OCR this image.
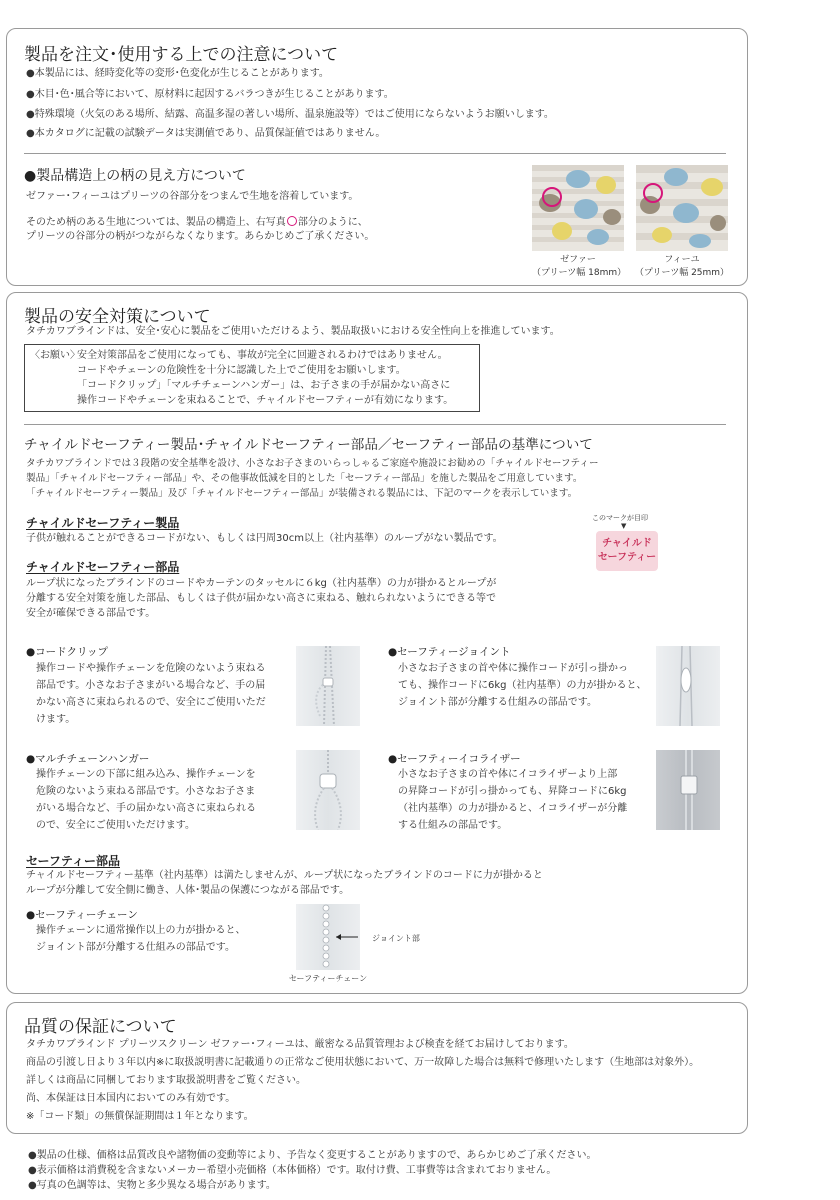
製品を注文･使用する上での注意について
●本製品には、経時変化等の変形･色変化が生じることがあります。
●木目･色･風合等において、原材料に起因するバラつきが生じることがあります。
●特殊環境（火気のある場所、結露、高温多湿の著しい場所、温泉施設等）ではご使用にならないようお願いします。
●本カタログに記載の試験データは実測値であり、品質保証値ではありません。
●製品構造上の柄の見え方について
ゼファー･フィーユはプリーツの谷部分をつまんで生地を溶着しています。
そのため柄のある生地については、製品の構造上、右写真 部分のように、
プリーツの谷部分の柄がつながらなくなります。あらかじめご了承ください。
ゼファー
（プリーツ幅 18mm）
フィーユ
（プリーツ幅 25mm）
製品の安全対策について
タチカワブラインドは、安全･安心に製品をご使用いただけるよう、製品取扱いにおける安全性向上を推進しています。
〈お願い〉
安全対策部品をご使用になっても、事故が完全に回避されるわけではありません。
コードやチェーンの危険性を十分に認識した上でご使用をお願いします。
「コードクリップ」「マルチチェーンハンガー」は、お子さまの手が届かない高さに
操作コードやチェーンを束ねることで、チャイルドセーフティーが有効になります。
チャイルドセーフティー製品･チャイルドセーフティー部品／セーフティー部品の基準について
タチカワブラインドでは３段階の安全基準を設け、小さなお子さまのいらっしゃるご家庭や施設にお勧めの「チャイルドセーフティー
製品」「チャイルドセーフティー部品」や、その他事故低減を目的とした「セーフティー部品」を施した製品をご用意しています。
「チャイルドセーフティー製品」及び「チャイルドセーフティー部品」が装備される製品には、下記のマークを表示しています。
チャイルドセーフティー製品
子供が触れることができるコードがない、もしくは円周30cm以上（社内基準）のループがない製品です。
このマークが目印
▼
チャイルド
セーフティー
チャイルドセーフティー部品
ループ状になったブラインドのコードやカーテンのタッセルに６kg（社内基準）の力が掛かるとループが
分離する安全対策を施した部品、もしくは子供が届かない高さに束ねる、触れられないようにできる等で
安全が確保できる部品です。
●コードクリップ
操作コードや操作チェーンを危険のないよう束ねる
部品です。小さなお子さまがいる場合など、手の届
かない高さに束ねられるので、安全にご使用いただ
けます。
●セーフティージョイント
小さなお子さまの首や体に操作コードが引っ掛かっ
ても、操作コードに6kg（社内基準）の力が掛かると、
ジョイント部が分離する仕組みの部品です。
●マルチチェーンハンガー
操作チェーンの下部に組み込み、操作チェーンを
危険のないよう束ねる部品です。小さなお子さま
がいる場合など、手の届かない高さに束ねられる
ので、安全にご使用いただけます。
●セーフティーイコライザー
小さなお子さまの首や体にイコライザーより上部
の昇降コードが引っ掛かっても、昇降コードに6kg
（社内基準）の力が掛かると、イコライザーが分離
する仕組みの部品です。
セーフティー部品
チャイルドセーフティー基準（社内基準）は満たしませんが、ループ状になったブラインドのコードに力が掛かると
ループが分離して安全側に働き、人体･製品の保護につながる部品です。
●セーフティーチェーン
操作チェーンに通常操作以上の力が掛かると、
ジョイント部が分離する仕組みの部品です。
ジョイント部
セーフティーチェーン
品質の保証について
タチカワブラインド プリーツスクリーン ゼファー･フィーユは、厳密なる品質管理および検査を経てお届けしております。
商品の引渡し日より３年以内※に取扱説明書に記載通りの正常なご使用状態において、万一故障した場合は無料で修理いたします（生地部は対象外）。
詳しくは商品に同梱しております取扱説明書をご覧ください。
尚、本保証は日本国内においてのみ有効です。
※「コード類」の無償保証期間は１年となります。
●製品の仕様、価格は品質改良や諸物価の変動等により、予告なく変更することがありますので、あらかじめご了承ください。
●表示価格は消費税を含まないメーカー希望小売価格（本体価格）です。取付け費、工事費等は含まれておりません。
●写真の色調等は、実物と多少異なる場合があります。
